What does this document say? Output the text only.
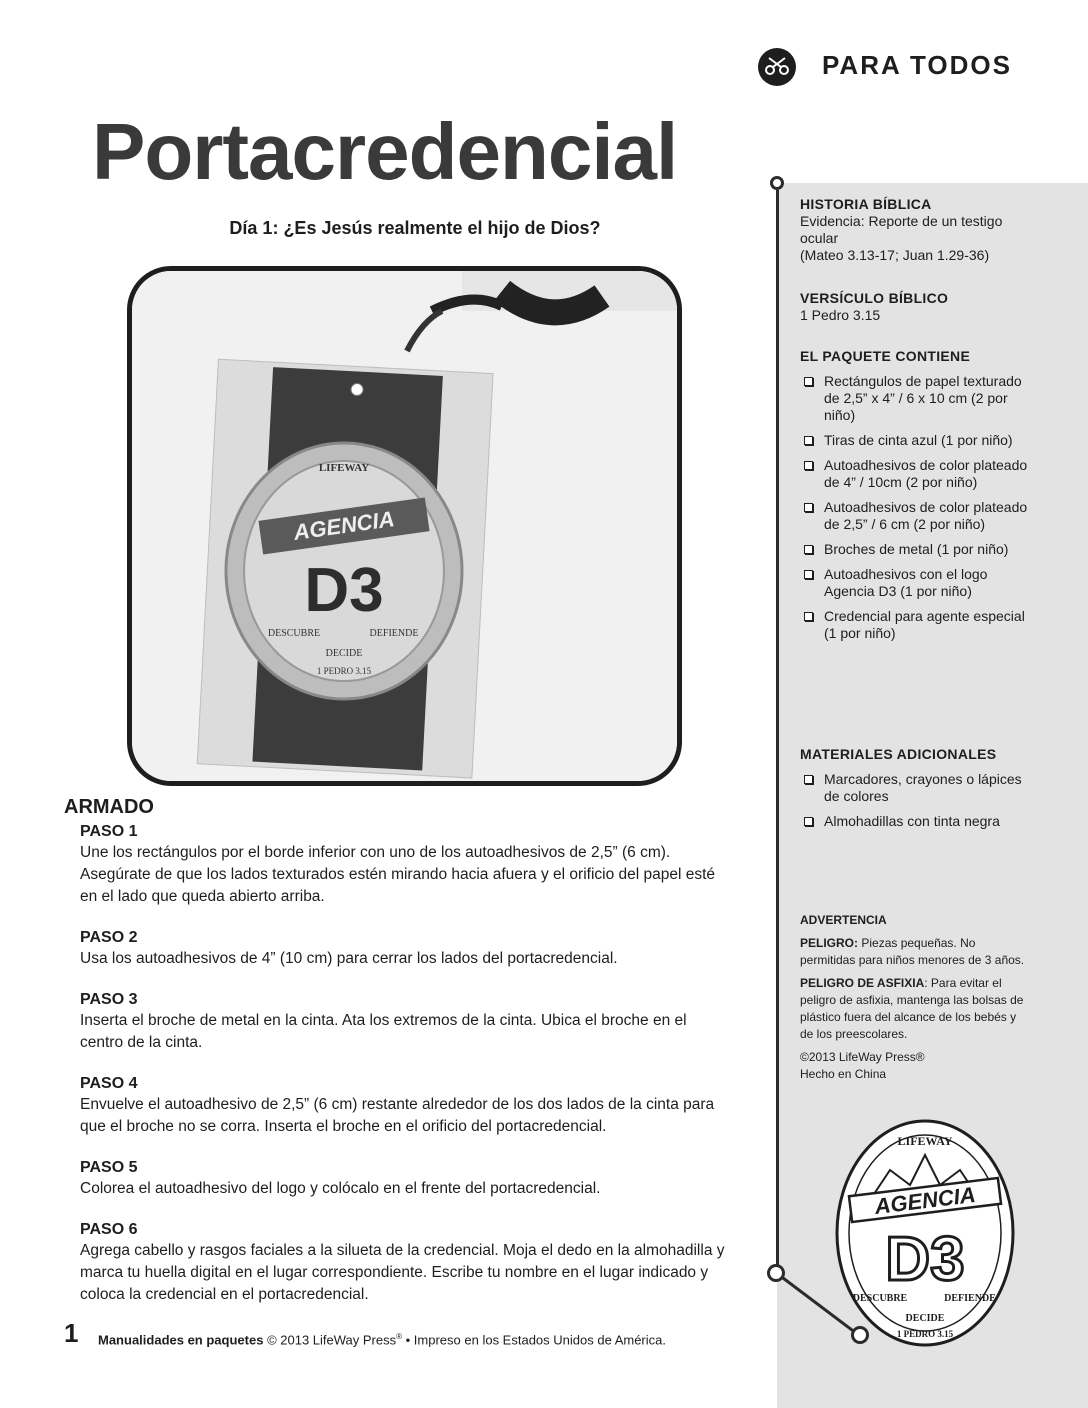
PARA TODOS
Portacredencial
Día 1: ¿Es Jesús realmente el hijo de Dios?
AGENCIA
LIFEWAY
D3
DESCUBRE	DEFIENDE
DECIDE
1 PEDRO 3.15
ARMADO
PASO 1
Une los rectángulos por el borde inferior con uno de los autoadhesivos de 2,5” (6 cm). Asegúrate de que los lados texturados estén mirando hacia afuera y el orificio del papel esté en el lado que queda abierto arriba.
PASO 2
Usa los autoadhesivos de 4” (10 cm) para cerrar los lados del portacredencial.
PASO 3
Inserta el broche de metal en la cinta. Ata los extremos de la cinta. Ubica el broche en el centro de la cinta.
PASO 4
Envuelve el autoadhesivo de 2,5” (6 cm) restante alrededor de los dos lados de la cinta para que el broche no se corra. Inserta el broche en el orificio del portacredencial.
PASO 5
Colorea el autoadhesivo del logo y colócalo en el frente del portacredencial.
PASO 6
Agrega cabello y rasgos faciales a la silueta de la credencial. Moja el dedo en la almohadilla y marca tu huella digital en el lugar correspondiente. Escribe tu nombre en el lugar indicado y coloca la credencial en el portacredencial.
HISTORIA BÍBLICA
Evidencia: Reporte de un testigo ocular
(Mateo 3.13-17; Juan 1.29-36)
VERSÍCULO BÍBLICO
1 Pedro 3.15
EL PAQUETE CONTIENE
Rectángulos de papel texturado de 2,5” x 4” / 6 x 10 cm (2 por niño)
Tiras de cinta azul (1 por niño)
Autoadhesivos de color plateado de 4” / 10cm (2 por niño)
Autoadhesivos de color plateado de 2,5” / 6 cm (2 por niño)
Broches de metal (1 por niño)
Autoadhesivos con el logo Agencia D3 (1 por niño)
Credencial para agente especial (1 por niño)
MATERIALES ADICIONALES
Marcadores, crayones o lápices de colores
Almohadillas con tinta negra
ADVERTENCIA

PELIGRO: Piezas pequeñas. No permitidas para niños menores de 3 años.

PELIGRO DE ASFIXIA: Para evitar el peligro de asfixia, mantenga las bolsas de plástico fuera del alcance de los bebés y de los preescolares.

©2013 LifeWay Press®
Hecho en China
AGENCIA
LIFEWAY
D3
DESCUBRE	DEFIENDE
DECIDE
1 PEDRO 3.15
1 Manualidades en paquetes © 2013 LifeWay Press® • Impreso en los Estados Unidos de América.
